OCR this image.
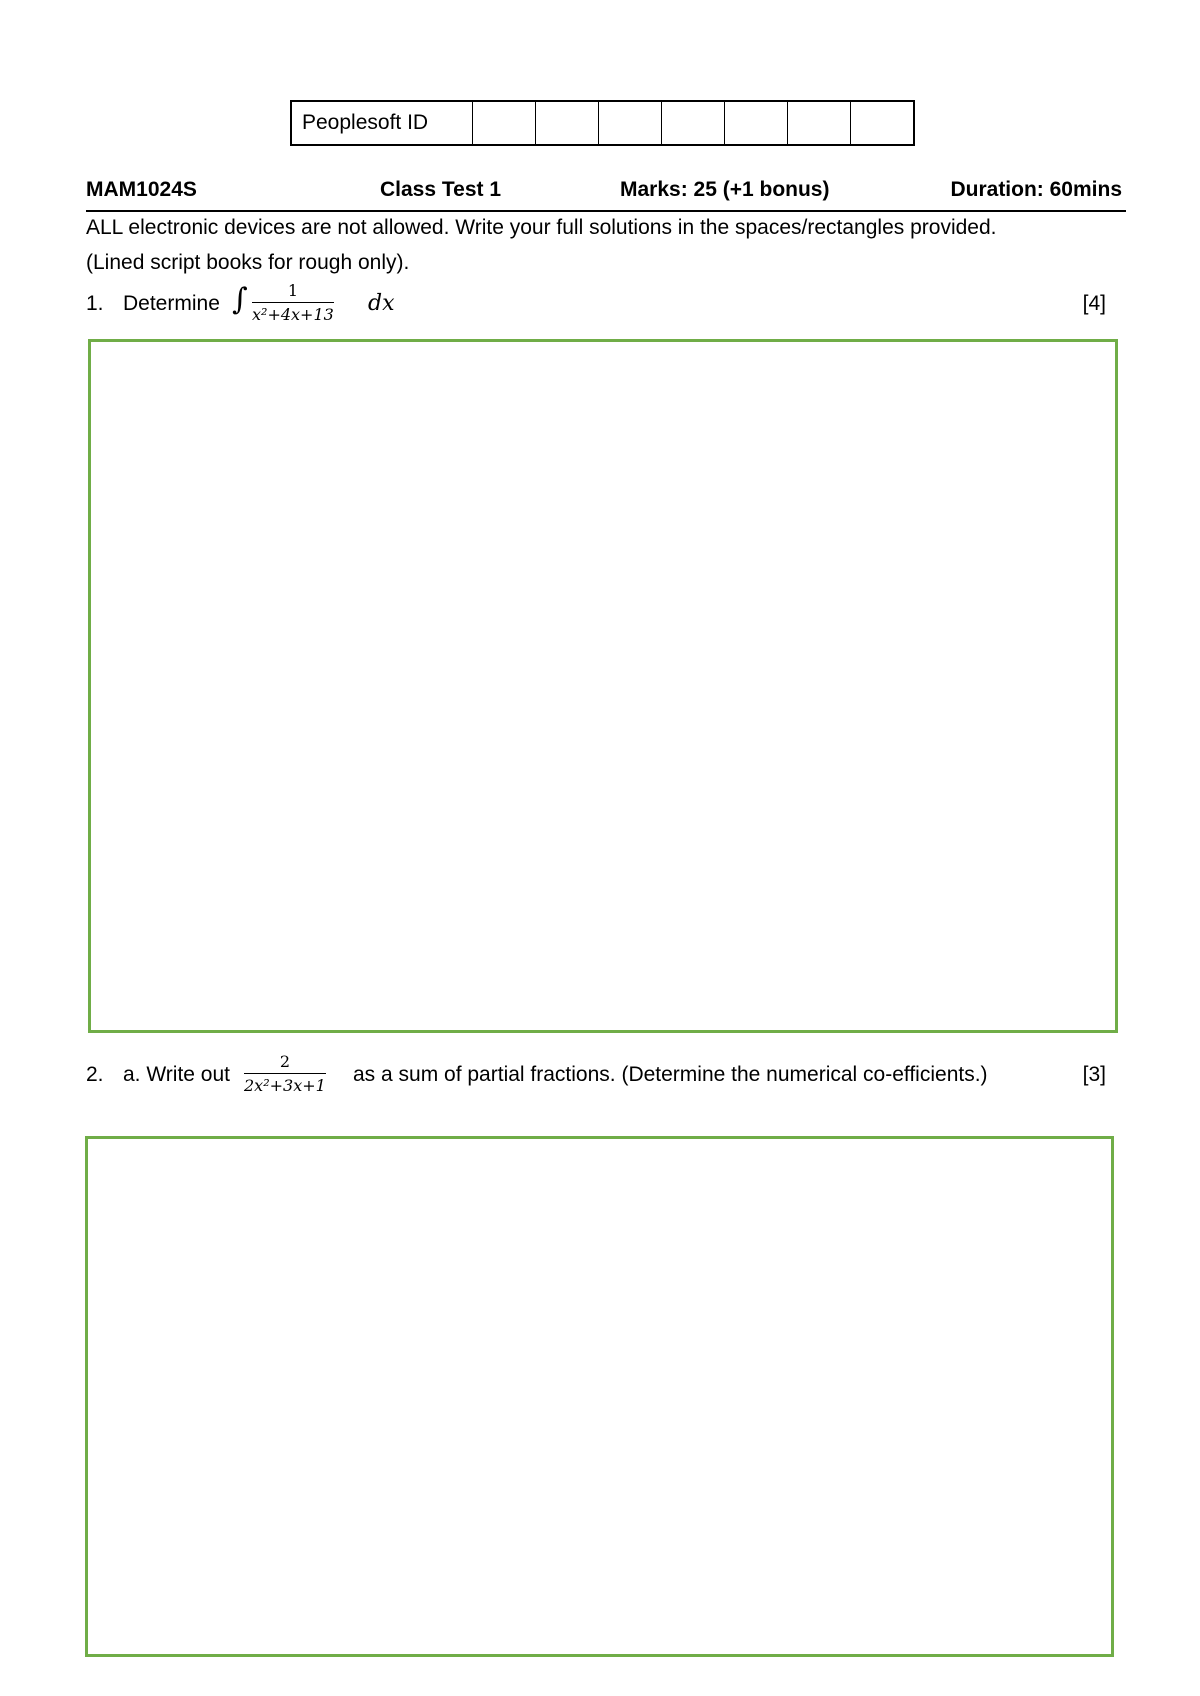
Peoplesoft ID							
MAM1024S	Class Test 1	Marks: 25 (+1 bonus)	Duration: 60mins
ALL electronic devices are not allowed. Write your full solutions in the spaces/rectangles provided.
(Lined script books for rough only).
1. Determine ∫ $\frac{1}{\text{x²+4x+13}}$ dx	[4]
2. a. Write out $\frac{2}{\text{2x²+3x+1}}$ as a sum of partial fractions. (Determine the numerical co-efficients.)	[3]
